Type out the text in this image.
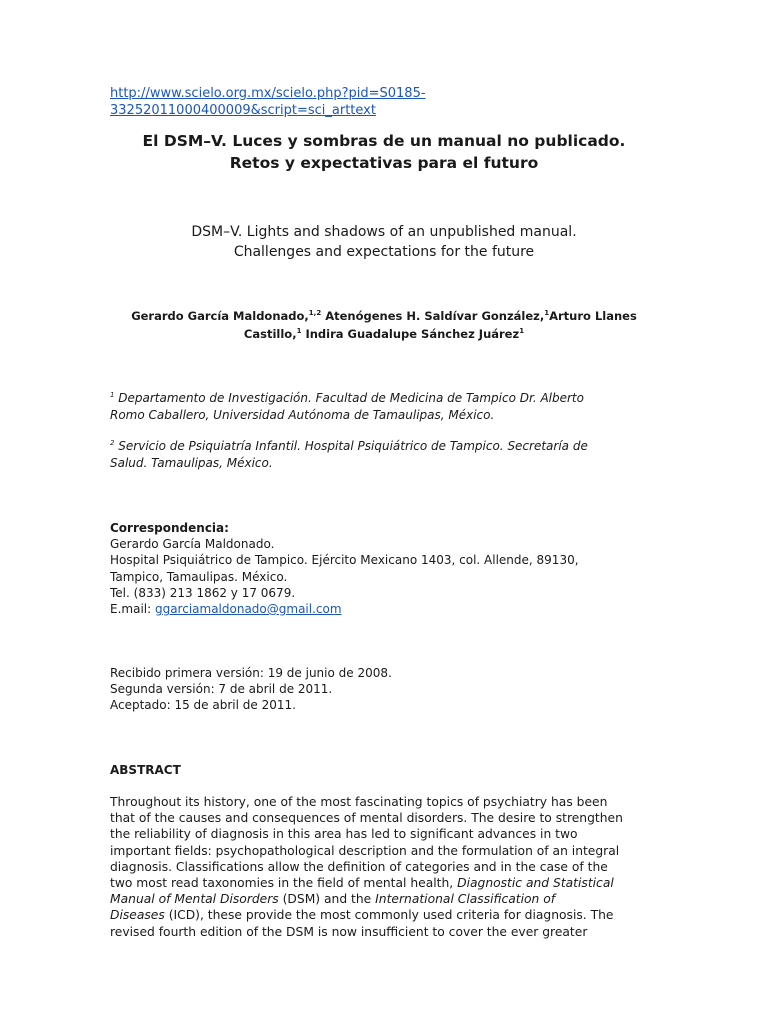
http://www.scielo.org.mx/scielo.php?pid=S0185-
33252011000400009&script=sci_arttext
El DSM–V. Luces y sombras de un manual no publicado.
Retos y expectativas para el futuro
DSM–V. Lights and shadows of an unpublished manual.
Challenges and expectations for the future
Gerardo García Maldonado,$^{1,2}$ Atenógenes H. Saldívar González,$^1$Arturo Llanes Castillo,$^1$ Indira Guadalupe Sánchez Juárez$^1$
$^1$ Departamento de Investigación. Facultad de Medicina de Tampico Dr. Alberto
Romo Caballero, Universidad Autónoma de Tamaulipas, México.
$^2$ Servicio de Psiquiatría Infantil. Hospital Psiquiátrico de Tampico. Secretaría de
Salud. Tamaulipas, México.
Correspondencia:
Gerardo García Maldonado.
Hospital Psiquiátrico de Tampico. Ejército Mexicano 1403, col. Allende, 89130,
Tampico, Tamaulipas. México.
Tel. (833) 213 1862 y 17 0679.
E.mail: ggarciamaldonado@gmail.com
Recibido primera versión: 19 de junio de 2008.
Segunda versión: 7 de abril de 2011.
Aceptado: 15 de abril de 2011.
ABSTRACT
Throughout its history, one of the most fascinating topics of psychiatry has been
that of the causes and consequences of mental disorders. The desire to strengthen
the reliability of diagnosis in this area has led to significant advances in two
important fields: psychopathological description and the formulation of an integral
diagnosis. Classifications allow the definition of categories and in the case of the
two most read taxonomies in the field of mental health, Diagnostic and Statistical
Manual of Mental Disorders (DSM) and the International Classification of
Diseases (ICD), these provide the most commonly used criteria for diagnosis. The
revised fourth edition of the DSM is now insufficient to cover the ever greater
